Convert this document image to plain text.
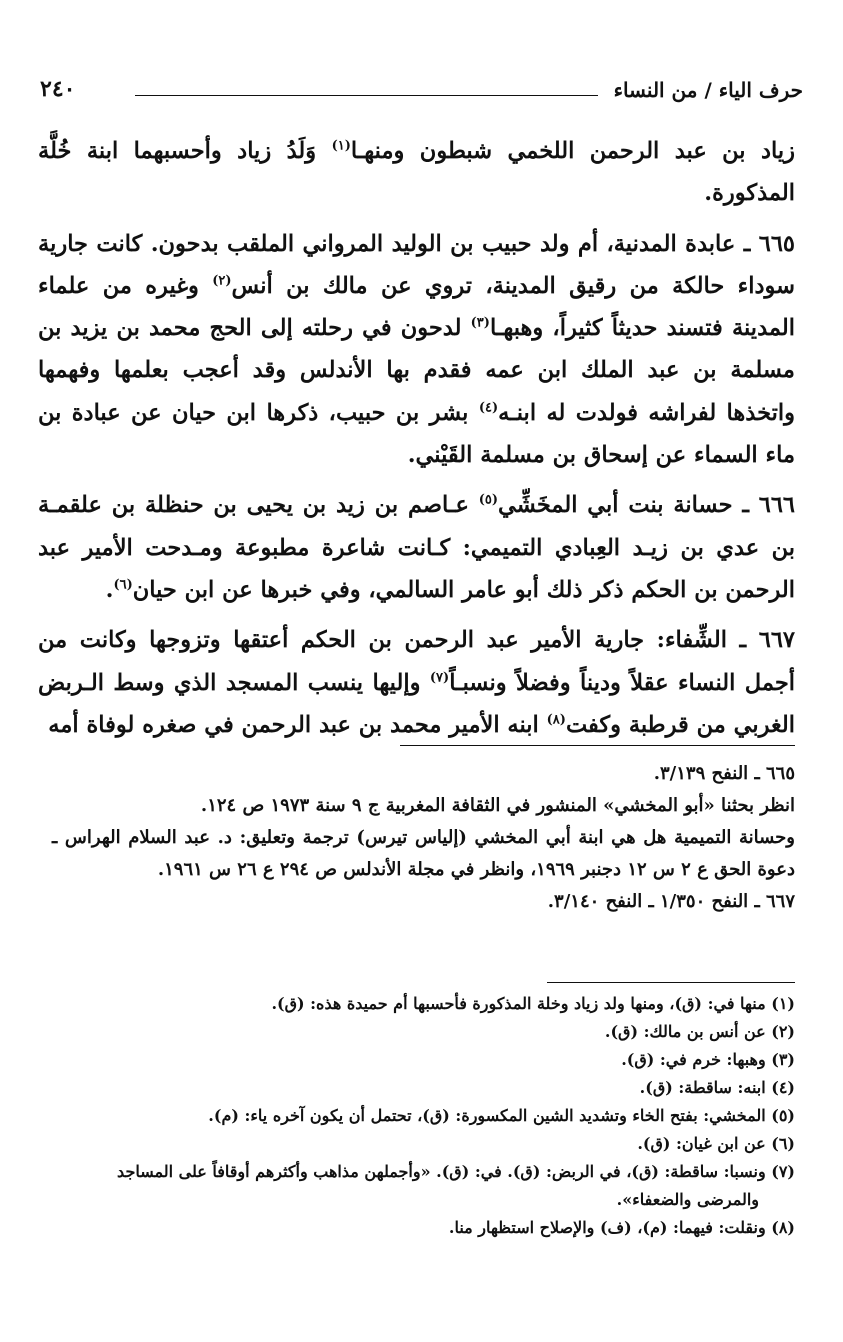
حرف الياء / من النساء
٢٤٠

زياد بن عبد الرحمن اللخمي شبطون ومنهـا$^{(١)}$ وَلَدُ زياد وأحسبهما ابنة خُلَّة المذكورة.

٦٦٥ ـ عابدة المدنية، أم ولد حبيب بن الوليد المرواني الملقب بدحون. كانت جارية سوداء حالكة من رقيق المدينة، تروي عن مالك بن أنس$^{(٢)}$ وغيره من علماء المدينة فتسند حديثاً كثيراً، وهبهـا$^{(٣)}$ لدحون في رحلته إلى الحج محمد بن يزيد بن مسلمة بن عبد الملك ابن عمه فقدم بها الأندلس وقد أعجب بعلمها وفهمها واتخذها لفراشه فولدت له ابنـه$^{(٤)}$ بشر بن حبيب، ذكرها ابن حيان عن عبادة بن ماء السماء عن إسحاق بن مسلمة القَيْني.

٦٦٦ ـ حسانة بنت أبي المخَشِّي$^{(٥)}$ عـاصم بن زيد بن يحيى بن حنظلة بن علقمـة بن عدي بن زيـد العِبادي التميمي: كـانت شاعرة مطبوعة ومـدحت الأمير عبد الرحمن بن الحكم ذكر ذلك أبو عامر السالمي، وفي خبرها عن ابن حيان$^{(٦)}$.

٦٦٧ ـ الشِّفاء: جارية الأمير عبد الرحمن بن الحكم أعتقها وتزوجها وكانت من أجمل النساء عقلاً وديناً وفضلاً ونسبـاً$^{(٧)}$ وإليها ينسب المسجد الذي وسط الـربض الغربي من قرطبة وكفت$^{(٨)}$ ابنه الأمير محمد بن عبد الرحمن في صغره لوفاة أمه

٦٦٥ ـ النفح ٣/١٣٩.

انظر بحثنا «أبو المخشي» المنشور في الثقافة المغربية ج ٩ سنة ١٩٧٣ ص ١٢٤.

وحسانة التميمية هل هي ابنة أبي المخشي (إلياس تيرس) ترجمة وتعليق: د. عبد السلام الهراس ـ دعوة الحق ع ٢ س ١٢ دجنبر ١٩٦٩، وانظر في مجلة الأندلس ص ٢٩٤ ع ٢٦ س ١٩٦١.

٦٦٧ ـ النفح ١/٣٥٠ ـ النفح ٣/١٤٠.

(١) منها في: (ق)، ومنها ولد زياد وخلة المذكورة فأحسبها أم حميدة هذه: (ق).

(٢) عن أنس بن مالك: (ق).

(٣) وهبها: خرم في: (ق).

(٤) ابنه: ساقطة: (ق).

(٥) المخشي: بفتح الخاء وتشديد الشين المكسورة: (ق)، تحتمل أن يكون آخره ياء: (م).

(٦) عن ابن غيان: (ق).

(٧) ونسبا: ساقطة: (ق)، في الربض: (ق). في: (ق). «وأجملهن مذاهب وأكثرهم أوقافاً على المساجد

والمرضى والضعفاء».

(٨) ونقلت: فيهما: (م)، (ف) والإصلاح استظهار منا.
